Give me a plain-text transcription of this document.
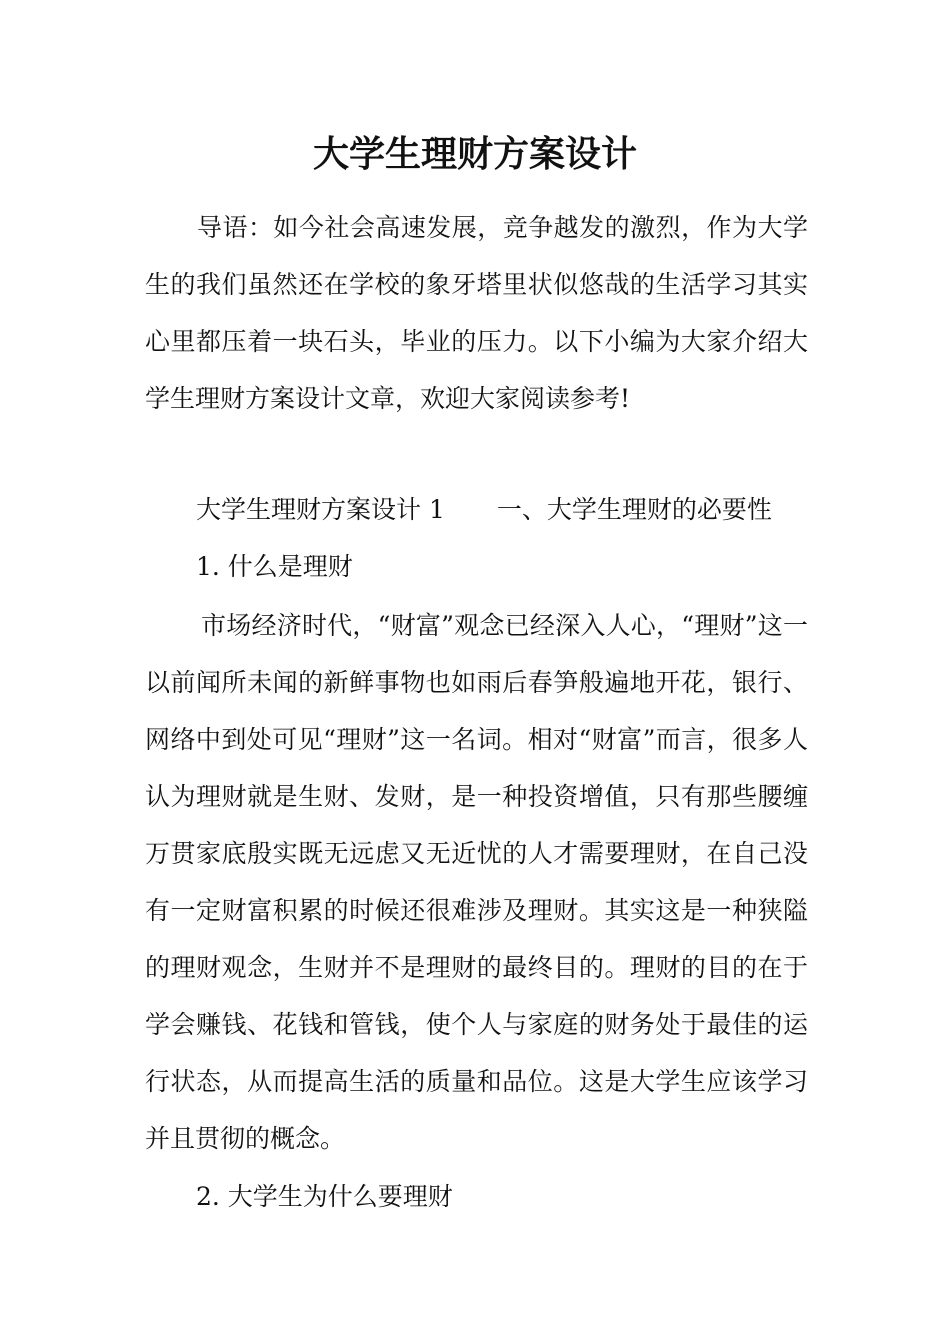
大学生理财方案设计

导语：如今社会高速发展，竞争越发的激烈，作为大学生的我们虽然还在学校的象牙塔里状似悠哉的生活学习其实心里都压着一块石头，毕业的压力。以下小编为大家介绍大学生理财方案设计文章，欢迎大家阅读参考!

大学生理财方案设计 1 一、大学生理财的必要性

1. 什么是理财

市场经济时代，“财富”观念已经深入人心，“理财”这一以前闻所未闻的新鲜事物也如雨后春笋般遍地开花，银行、网络中到处可见“理财”这一名词。相对“财富”而言，很多人认为理财就是生财、发财，是一种投资增值，只有那些腰缠万贯家底殷实既无远虑又无近忧的人才需要理财，在自己没有一定财富积累的时候还很难涉及理财。其实这是一种狭隘的理财观念，生财并不是理财的最终目的。理财的目的在于学会赚钱、花钱和管钱，使个人与家庭的财务处于最佳的运行状态，从而提高生活的质量和品位。这是大学生应该学习并且贯彻的概念。

2. 大学生为什么要理财
